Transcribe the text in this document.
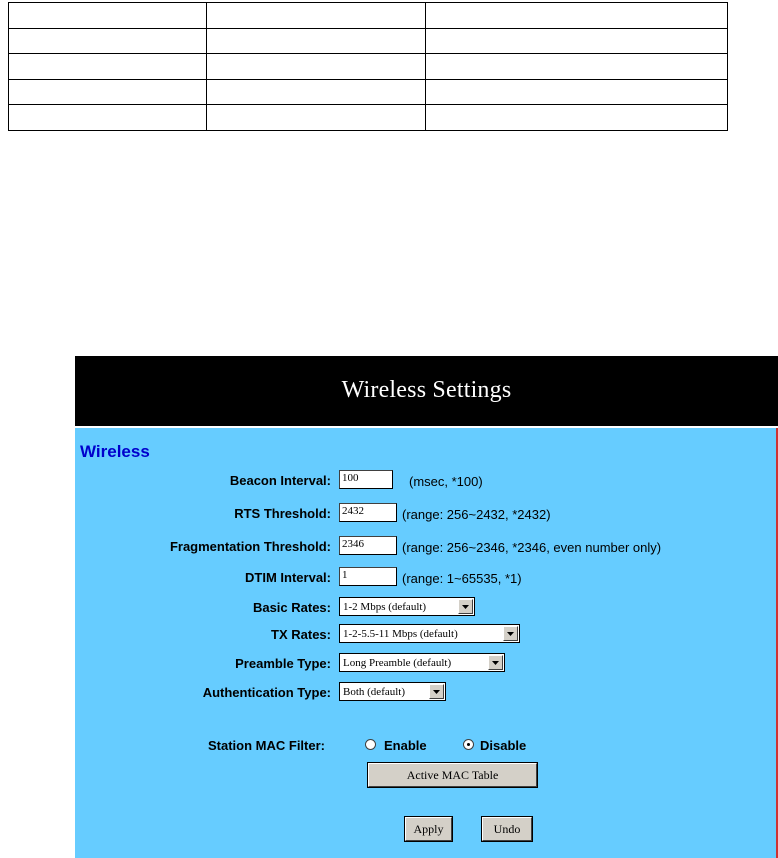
Wireless Settings
Wireless
Beacon Interval: 100	(msec, *100)
RTS Threshold: 2432	(range: 256~2432, *2432)
Fragmentation Threshold: 2346	(range: 256~2346, *2346, even number only)
DTIM Interval: 1	(range: 1~65535, *1)
Basic Rates: 1-2 Mbps (default)
TX Rates: 1-2-5.5-11 Mbps (default)
Preamble Type: Long Preamble (default)
Authentication Type: Both (default)
Station MAC Filter:	Enable	Disable
Active MAC Table
Apply	Undo
